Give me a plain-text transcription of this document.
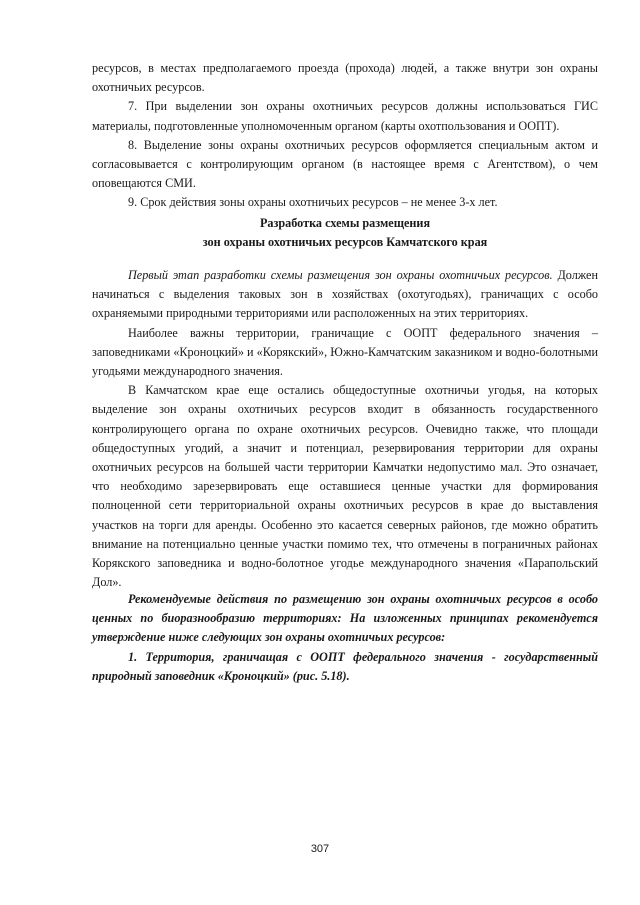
ресурсов, в местах предполагаемого проезда (прохода) людей, а также внутри зон охраны охотничьих ресурсов.

7. При выделении зон охраны охотничьих ресурсов должны использоваться ГИС материалы, подготовленные уполномоченным органом (карты охотпользования и ООПТ).

8. Выделение зоны охраны охотничьих ресурсов оформляется специальным актом и согласовывается с контролирующим органом (в настоящее время с Агентством), о чем оповещаются СМИ.

9. Срок действия зоны охраны охотничьих ресурсов – не менее 3-х лет.

Разработка схемы размещения
зон охраны охотничьих ресурсов Камчатского края

Первый этап разработки схемы размещения зон охраны охотничьих ресурсов. Должен начинаться с выделения таковых зон в хозяйствах (охотугодьях), граничащих с особо охраняемыми природными территориями или расположенных на этих территориях.

Наиболее важны территории, граничащие с ООПТ федерального значения – заповедниками «Кроноцкий» и «Корякский», Южно-Камчатским заказником и водно-болотными угодьями международного значения.

В Камчатском крае еще остались общедоступные охотничьи угодья, на которых выделение зон охраны охотничьих ресурсов входит в обязанность государственного контролирующего органа по охране охотничьих ресурсов. Очевидно также, что площади общедоступных угодий, а значит и потенциал, резервирования территории для охраны охотничьих ресурсов на большей части территории Камчатки недопустимо мал. Это означает, что необходимо зарезервировать еще оставшиеся ценные участки для формирования полноценной сети территориальной охраны охотничьих ресурсов в крае до выставления участков на торги для аренды. Особенно это касается северных районов, где можно обратить внимание на потенциально ценные участки помимо тех, что отмечены в пограничных районах Корякского заповедника и водно-болотное угодье международного значения «Парапольский Дол».

Рекомендуемые действия по размещению зон охраны охотничьих ресурсов в особо ценных по биоразнообразию территориях: На изложенных принципах рекомендуется утверждение ниже следующих зон охраны охотничьих ресурсов:

1. Территория, граничащая с ООПТ федерального значения - государственный природный заповедник «Кроноцкий» (рис. 5.18).

307
